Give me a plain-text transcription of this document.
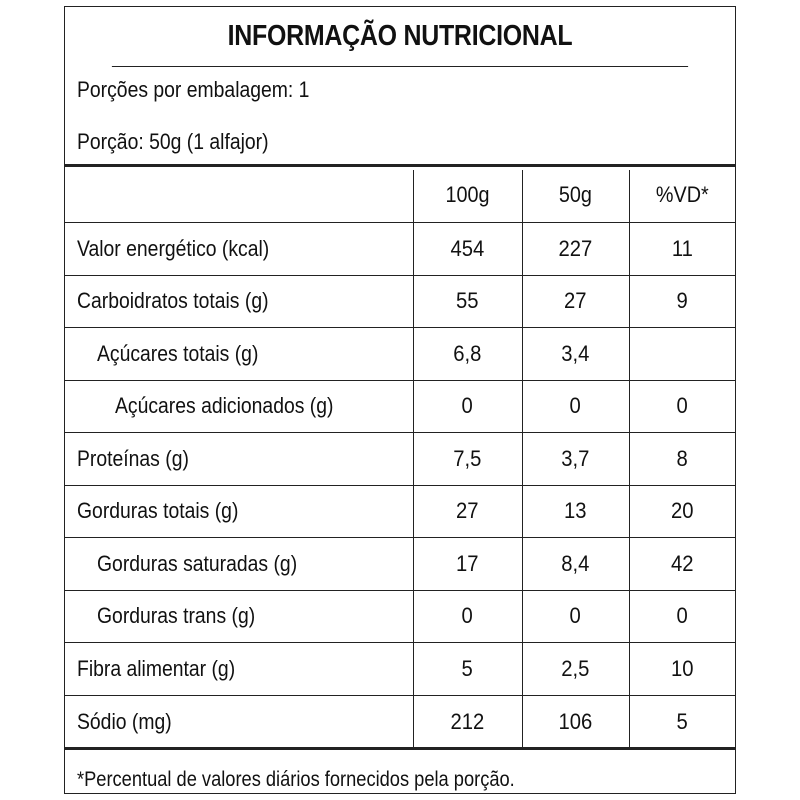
INFORMAÇÃO NUTRICIONAL
Porções por embalagem: 1
Porção: 50g (1 alfajor)
	100g	50g	%VD*
Valor energético (kcal)	454	227	11
Carboidratos totais (g)	55	27	9
Açúcares totais (g)	6,8	3,4	
Açúcares adicionados (g)	0	0	0
Proteínas (g)	7,5	3,7	8
Gorduras totais (g)	27	13	20
Gorduras saturadas (g)	17	8,4	42
Gorduras trans (g)	0	0	0
Fibra alimentar (g)	5	2,5	10
Sódio (mg)	212	106	5
*Percentual de valores diários fornecidos pela porção.
